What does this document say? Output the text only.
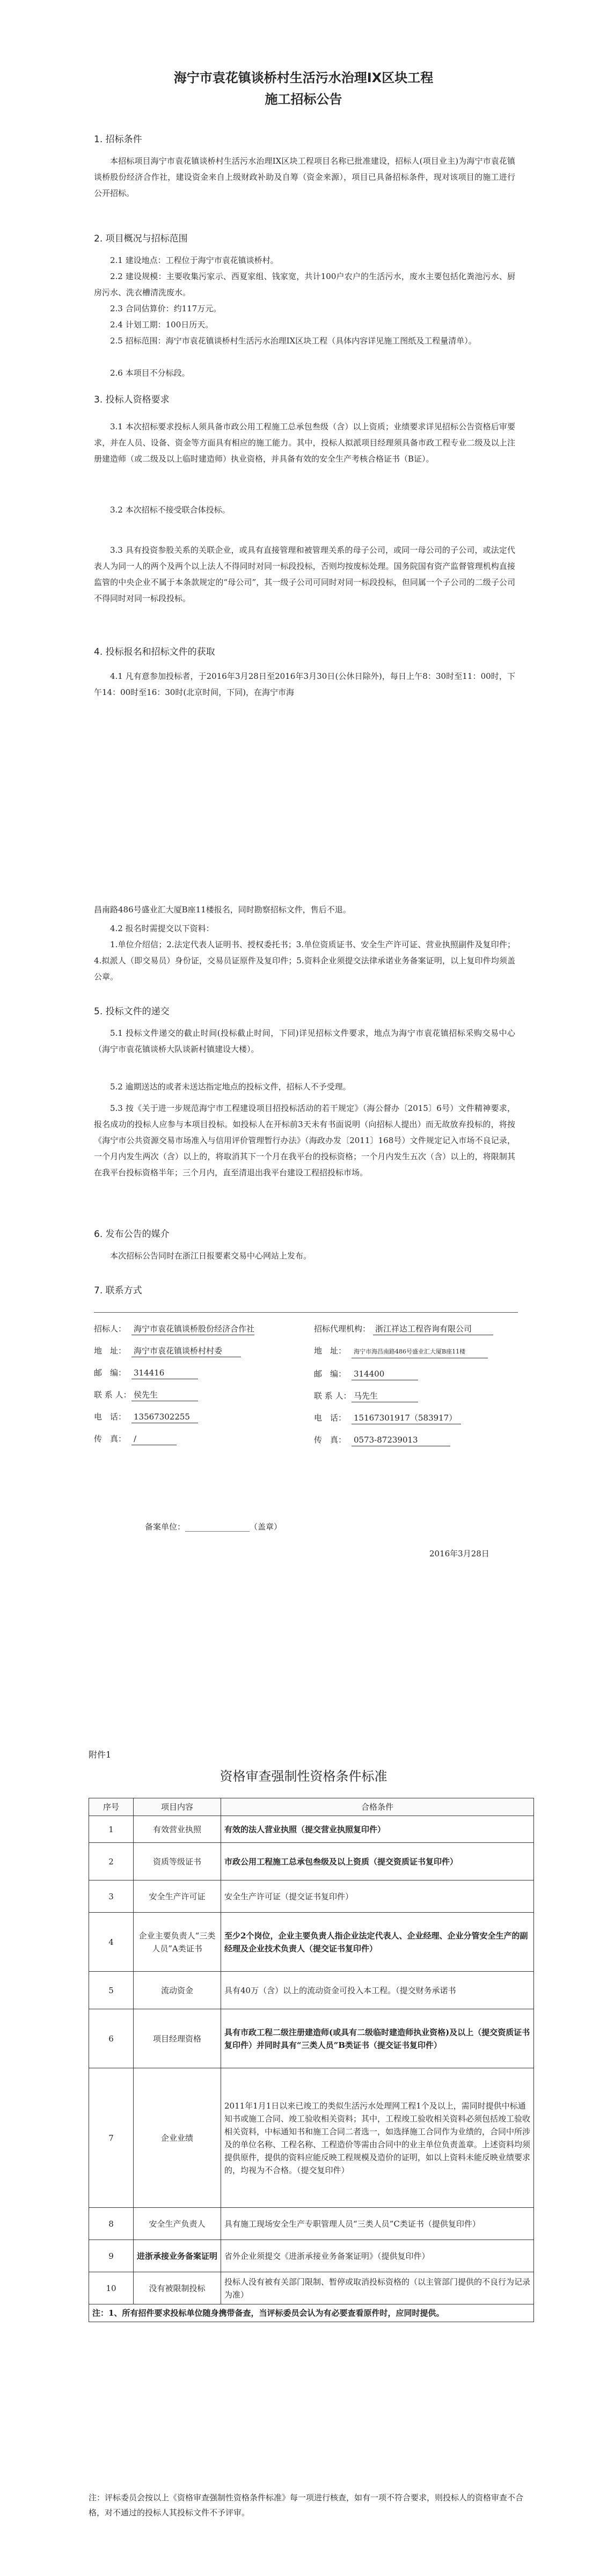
海宁市袁花镇谈桥村生活污水治理IX区块工程
施工招标公告
1. 招标条件
本招标项目海宁市袁花镇谈桥村生活污水治理IX区块工程项目名称已批准建设，招标人(项目业主)为海宁市袁花镇谈桥股份经济合作社，建设资金来自上级财政补助及自筹（资金来源），项目已具备招标条件，现对该项目的施工进行公开招标。
2. 项目概况与招标范围
2.1 建设地点：工程位于海宁市袁花镇谈桥村。
2.2 建设规模：主要收集污家示、西夏家组、钱家宽，共计100户农户的生活污水，废水主要包括化粪池污水、厨房污水、洗衣槽清洗废水。
2.3 合同估算价：约117万元。
2.4 计划工期：100日历天。
2.5 招标范围：海宁市袁花镇谈桥村生活污水治理IX区块工程（具体内容详见施工图纸及工程量清单）。
2.6 本项目不分标段。
3. 投标人资格要求
3.1 本次招标要求投标人须具备市政公用工程施工总承包叁级（含）以上资质；业绩要求详见招标公告资格后审要求，并在人员、设备、资金等方面具有相应的施工能力。其中，投标人拟派项目经理须具备市政工程专业二级及以上注册建造师（或二级及以上临时建造师）执业资格，并具备有效的安全生产考核合格证书（B证）。
3.2 本次招标不接受联合体投标。
3.3 具有投资参股关系的关联企业，或具有直接管理和被管理关系的母子公司，或同一母公司的子公司，或法定代表人为同一人的两个及两个以上法人不得同时对同一标段投标，否则均按废标处理。国务院国有资产监督管理机构直接监管的中央企业不属于本条款规定的“母公司”，其一级子公司可同时对同一标段投标，但同属一个子公司的二级子公司不得同时对同一标段投标。
4. 投标报名和招标文件的获取
4.1 凡有意参加投标者，于2016年3月28日至2016年3月30日(公休日除外)，每日上午8：30时至11：00时，下午14：00时至16：30时(北京时间，下同)，在海宁市海
昌南路486号盛业汇大厦B座11楼报名，同时勘察招标文件，售后不退。
4.2 报名时需提交以下资料：
1.单位介绍信；2.法定代表人证明书、授权委托书；3.单位资质证书、安全生产许可证、营业执照副件及复印件；4.拟派人（即交易员）身份证，交易员证原件及复印件；5.资料企业须提交法律承诺业务备案证明，以上复印件均须盖公章。
5. 投标文件的递交
5.1 投标文件递交的截止时间(投标截止时间，下同)详见招标文件要求，地点为海宁市袁花镇招标采购交易中心（海宁市袁花镇谈桥大队谈新村镇建设大楼）。
5.2 逾期送达的或者未送达指定地点的投标文件，招标人不予受理。
5.3 按《关于进一步规范海宁市工程建设项目招投标活动的若干规定》（海公督办〔2015〕6号）文件精神要求，报名成功的投标人应参与本项目投标。如投标人在开标前3天未有书面说明（向招标人提出）而无故放弃投标的，将按《海宁市公共资源交易市场准入与信用评价管理暂行办法》（海政办发〔2011〕168号）文件规定记入市场不良记录，一个月内发生两次（含）以上的，将取消其下一个月在我平台的投标资格；一个月内发生五次（含）以上的，将限制其在我平台投标资格半年；三个月内，直至清退出我平台建设工程招投标市场。
6. 发布公告的媒介
本次招标公告同时在浙江日报要素交易中心网站上发布。
7. 联系方式
招标人： 海宁市袁花镇谈桥股份经济合作社
地　址： 海宁市袁花镇谈桥村村委
邮　编： 314416
联 系 人： 侯先生
电　话： 13567302255
传　真： /
招标代理机构： 浙江祥达工程咨询有限公司
地　址： 海宁市海昌南路486号盛业汇大厦B座11楼
邮　编： 314400
联 系 人： 马先生
电　话： 15167301917（583917）
传　真： 0573-87239013
备案单位：________________（盖章）
2016年3月28日
附件1
资格审查强制性资格条件标准
序号	项目内容	合格条件
1	有效营业执照	有效的法人营业执照（提交营业执照复印件）
2	资质等级证书	市政公用工程施工总承包叁级及以上资质（提交资质证书复印件）
3	安全生产许可证	安全生产许可证（提交证书复印件）
4	企业主要负责人“三类人员”A类证书	至少2个岗位，企业主要负责人指企业法定代表人、企业经理、企业分管安全生产的副经理及企业技术负责人（提交证书复印件）
5	流动资金	具有40万（含）以上的流动资金可投入本工程。（提交财务承诺书
6	项目经理资格	具有市政工程二级注册建造师(或具有二级临时建造师执业资格)及以上（提交资质证书复印件）并同时具有“三类人员”B类证书（提交证书复印件）
7	企业业绩	2011年1月1日以来已竣工的类似生活污水处理网工程1个及以上，需同时提供中标通知书或施工合同、竣工验收相关资料；其中，工程竣工验收相关资料必须包括竣工验收相关资料，中标通知书和施工合同二者选一，如选择施工合同作为业绩的，合同中所涉及的单位名称、工程名称、工程造价等需由合同中的业主单位负责盖章。上述资料均须提供原件，提供的资料应能反映工程规模及造价的证明，如以上资料未能反映业绩要求的，均视为不合格。（提交复印件）
8	安全生产负责人	具有施工现场安全生产专职管理人员“三类人员”C类证书（提供复印件）
9	进浙承接业务备案证明	省外企业须提交《进浙承接业务备案证明》（提供复印件）
10	没有被限制投标	投标人没有被有关部门限制、暂停或取消投标资格的（以主管部门提供的不良行为记录为准）
注：1、所有招件要求投标单位随身携带备查，当评标委员会认为有必要查看原件时，应同时提供。		
注：评标委员会按以上《资格审查强制性资格条件标准》每一项进行核查，如有一项不符合要求，则投标人的资格审查不合格，对不通过的投标人其投标文件不予评审。
